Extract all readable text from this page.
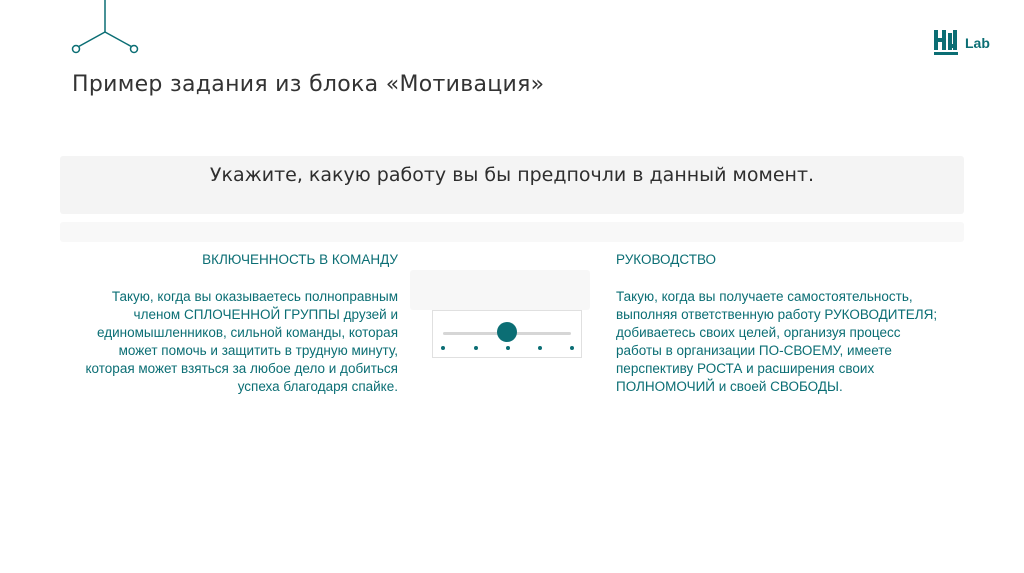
Lab
Пример задания из блока «Мотивация»
Укажите, какую работу вы бы предпочли в данный момент.
ВКЛЮЧЕННОСТЬ В КОМАНДУ
Такую, когда вы оказываетесь полноправным
членом СПЛОЧЕННОЙ ГРУППЫ друзей и
единомышленников, сильной команды, которая
может помочь и защитить в трудную минуту,
которая может взяться за любое дело и добиться
успеха благодаря спайке.
РУКОВОДСТВО
Такую, когда вы получаете самостоятельность,
выполняя ответственную работу РУКОВОДИТЕЛЯ;
добиваетесь своих целей, организуя процесс
работы в организации ПО-СВОЕМУ, имеете
перспективу РОСТА и расширения своих
ПОЛНОМОЧИЙ и своей СВОБОДЫ.
